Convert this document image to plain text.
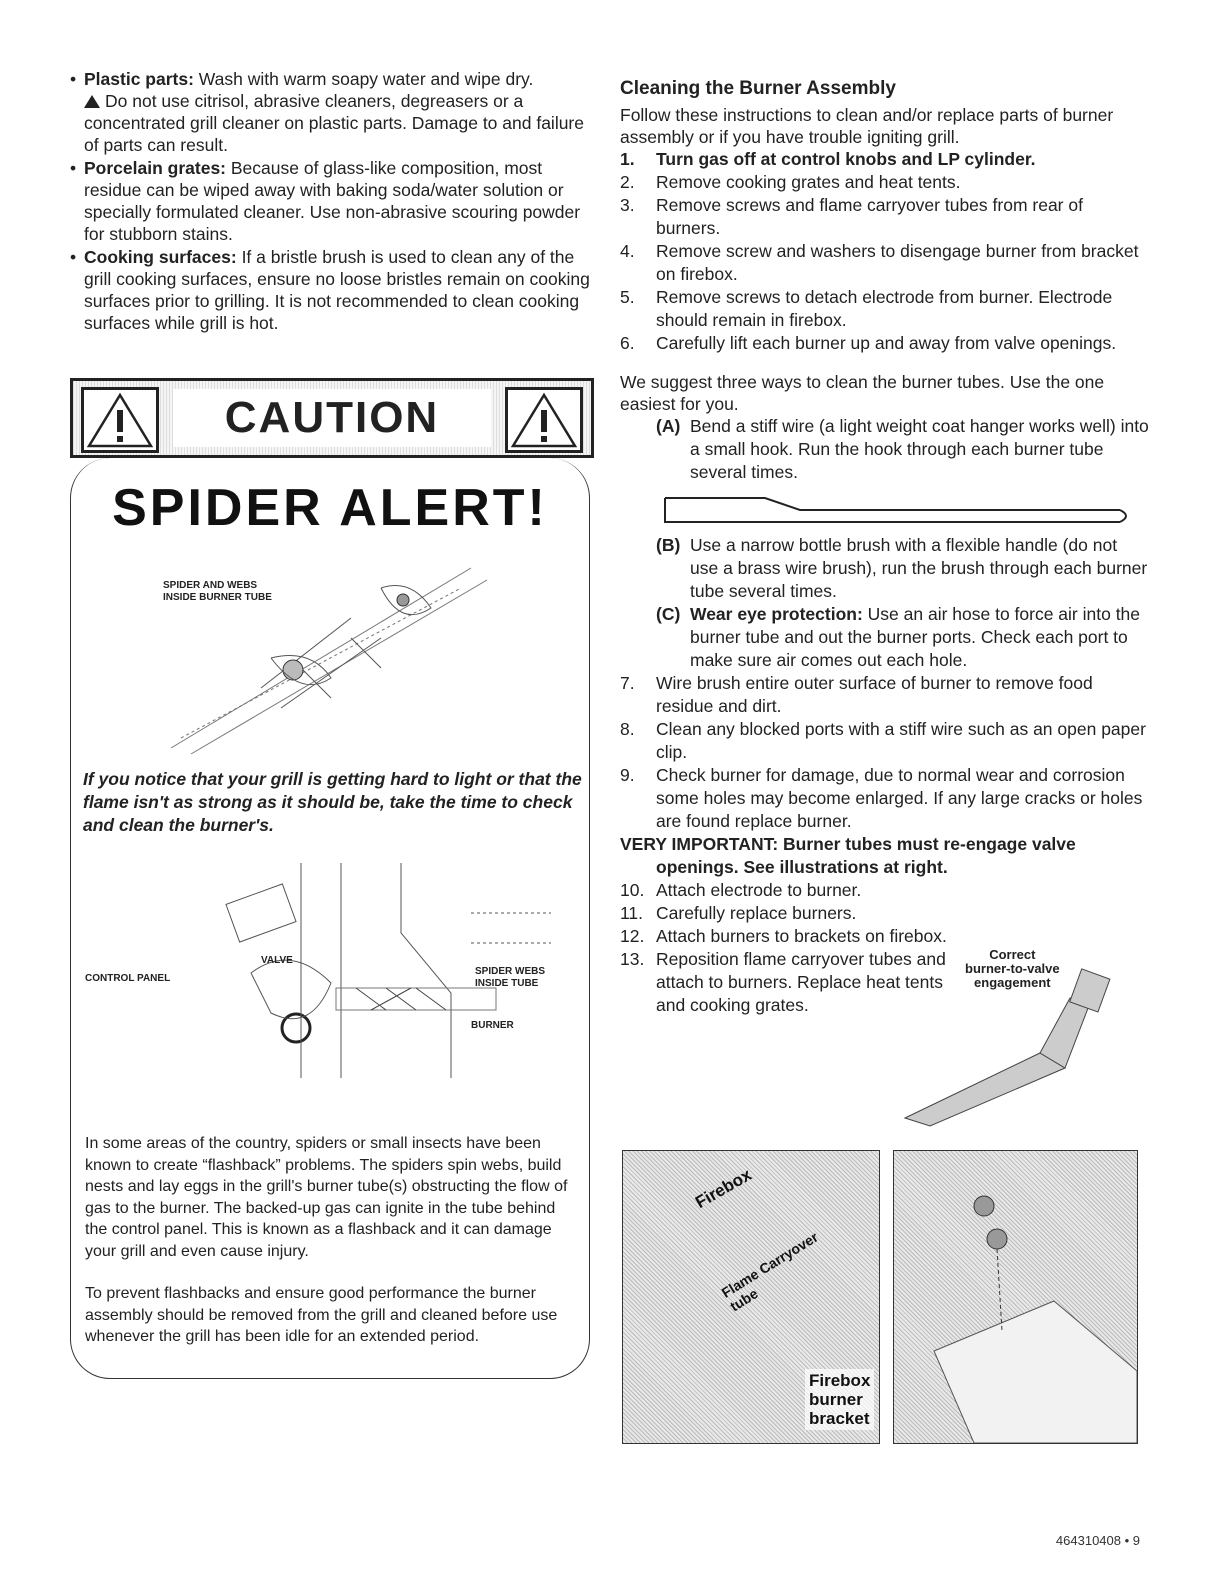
• Plastic parts: Wash with warm soapy water and wipe dry.
Do not use citrisol, abrasive cleaners, degreasers or a concentrated grill cleaner on plastic parts. Damage to and failure of parts can result.
• Porcelain grates: Because of glass-like composition, most residue can be wiped away with baking soda/water solution or specially formulated cleaner. Use non-abrasive scouring powder for stubborn stains.
• Cooking surfaces: If a bristle brush is used to clean any of the grill cooking surfaces, ensure no loose bristles remain on cooking surfaces prior to grilling. It is not recommended to clean cooking surfaces while grill is hot.
CAUTION
SPIDER ALERT!
SPIDER AND WEBS
INSIDE BURNER TUBE
If you notice that your grill is getting hard to light or that the flame isn't as strong as it should be, take the time to check and clean the burner's.
CONTROL PANEL
VALVE
SPIDER WEBS
INSIDE TUBE
BURNER
In some areas of the country, spiders or small insects have been known to create “flashback” problems. The spiders spin webs, build nests and lay eggs in the grill's burner tube(s) obstructing the flow of gas to the burner. The backed-up gas can ignite in the tube behind the control panel. This is known as a flashback and it can damage your grill and even cause injury.
To prevent flashbacks and ensure good performance the burner assembly should be removed from the grill and cleaned before use whenever the grill has been idle for an extended period.
Cleaning the Burner Assembly

Follow these instructions to clean and/or replace parts of burner assembly or if you have trouble igniting grill.

1. Turn gas off at control knobs and LP cylinder.

2. Remove cooking grates and heat tents.

3. Remove screws and flame carryover tubes from rear of burners.

4. Remove screw and washers to disengage burner from bracket on firebox.

5. Remove screws to detach electrode from burner. Electrode should remain in firebox.

6. Carefully lift each burner up and away from valve openings.

We suggest three ways to clean the burner tubes. Use the one easiest for you.

(A) Bend a stiff wire (a light weight coat hanger works well) into a small hook. Run the hook through each burner tube several times.

(B) Use a narrow bottle brush with a flexible handle (do not use a brass wire brush), run the brush through each burner tube several times.

(C) Wear eye protection: Use an air hose to force air into the burner tube and out the burner ports. Check each port to make sure air comes out each hole.

7. Wire brush entire outer surface of burner to remove food residue and dirt.

8. Clean any blocked ports with a stiff wire such as an open paper clip.

9. Check burner for damage, due to normal wear and corrosion some holes may become enlarged. If any large cracks or holes are found replace burner.

VERY IMPORTANT: Burner tubes must re-engage valve
openings. See illustrations at right.

10. Attach electrode to burner.

11. Carefully replace burners.

12. Attach burners to brackets on firebox.

13. Reposition flame carryover tubes and attach to burners. Replace heat tents and cooking grates.

Correct
burner-to-valve
engagement
Firebox
Flame Carryover tube
Firebox
burner
bracket
464310408 • 9
